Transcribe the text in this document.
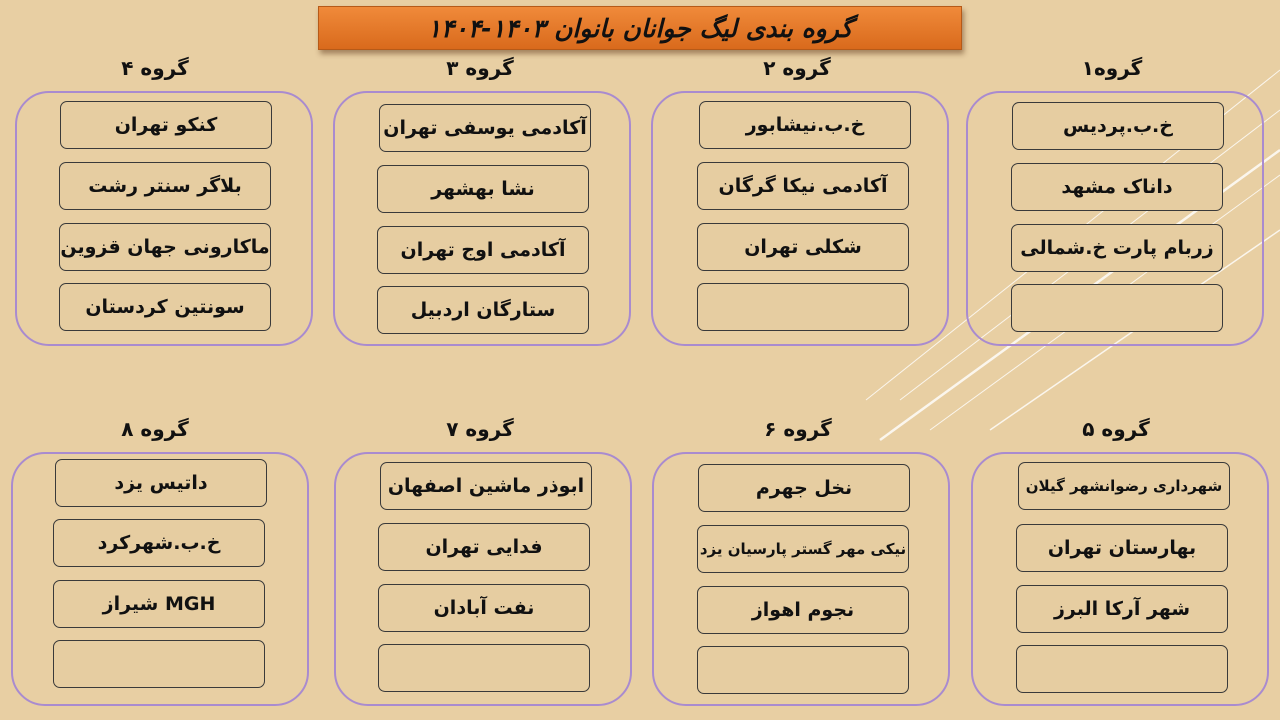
گروه بندی لیگ جوانان بانوان ۱۴۰۳-۱۴۰۴
گروه ۴
کنکو تهران
بلاگر سنتر رشت
ماکارونی جهان قزوین
سونتین کردستان
گروه ۳
آکادمی یوسفی تهران
نشا بهشهر
آکادمی اوج تهران
ستارگان اردبیل
گروه ۲
خ.ب.نیشابور
آکادمی نیکا گرگان
شکلی تهران
گروه۱
خ.ب.پردیس
داناک مشهد
زربام پارت خ.شمالی
گروه ۸
داتیس یزد
خ.ب.شهرکرد
MGH شیراز
گروه ۷
ابوذر ماشین اصفهان
فدایی تهران
نفت آبادان
گروه ۶
نخل جهرم
نیکی مهر گستر پارسیان یزد
نجوم اهواز
گروه ۵
شهرداری رضوانشهر گیلان
بهارستان تهران
شهر آرکا البرز
